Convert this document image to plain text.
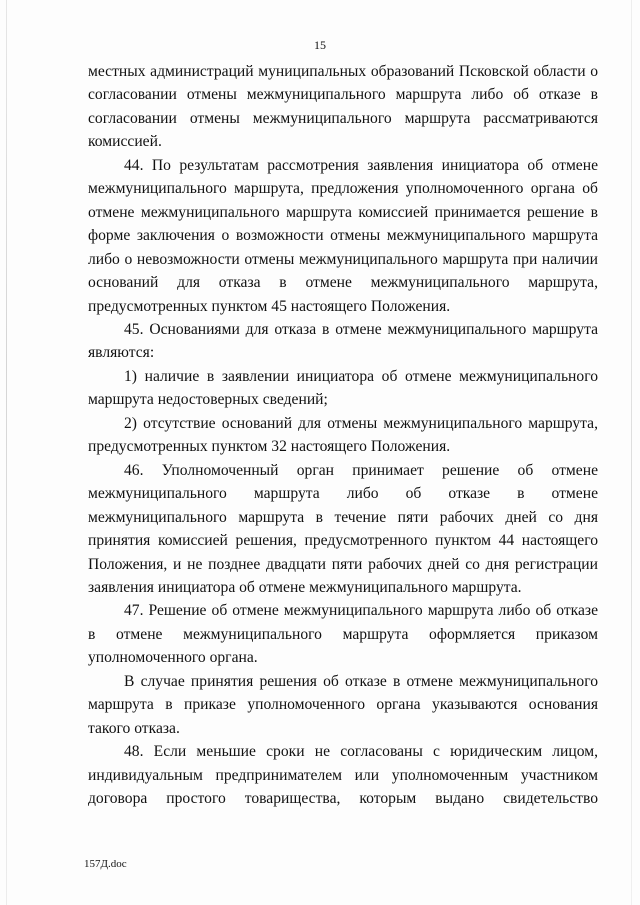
15

местных администраций муниципальных образований Псковской области о согласовании отмены межмуниципального маршрута либо об отказе в согласовании отмены межмуниципального маршрута рассматриваются комиссией.

44. По результатам рассмотрения заявления инициатора об отмене межмуниципального маршрута, предложения уполномоченного органа об отмене межмуниципального маршрута комиссией принимается решение в форме заключения о возможности отмены межмуниципального маршрута либо о невозможности отмены межмуниципального маршрута при наличии оснований для отказа в отмене межмуниципального маршрута, предусмотренных пунктом 45 настоящего Положения.

45. Основаниями для отказа в отмене межмуниципального маршрута являются:

1) наличие в заявлении инициатора об отмене межмуниципального маршрута недостоверных сведений;

2) отсутствие оснований для отмены межмуниципального маршрута, предусмотренных пунктом 32 настоящего Положения.

46. Уполномоченный орган принимает решение об отмене межмуниципального маршрута либо об отказе в отмене межмуниципального маршрута в течение пяти рабочих дней со дня принятия комиссией решения, предусмотренного пунктом 44 настоящего Положения, и не позднее двадцати пяти рабочих дней со дня регистрации заявления инициатора об отмене межмуниципального маршрута.

47. Решение об отмене межмуниципального маршрута либо об отказе в отмене межмуниципального маршрута оформляется приказом уполномоченного органа.

В случае принятия решения об отказе в отмене межмуниципального маршрута в приказе уполномоченного органа указываются основания такого отказа.

48. Если меньшие сроки не согласованы с юридическим лицом, индивидуальным предпринимателем или уполномоченным участником договора простого товарищества, которым выдано свидетельство

157Д.doc
